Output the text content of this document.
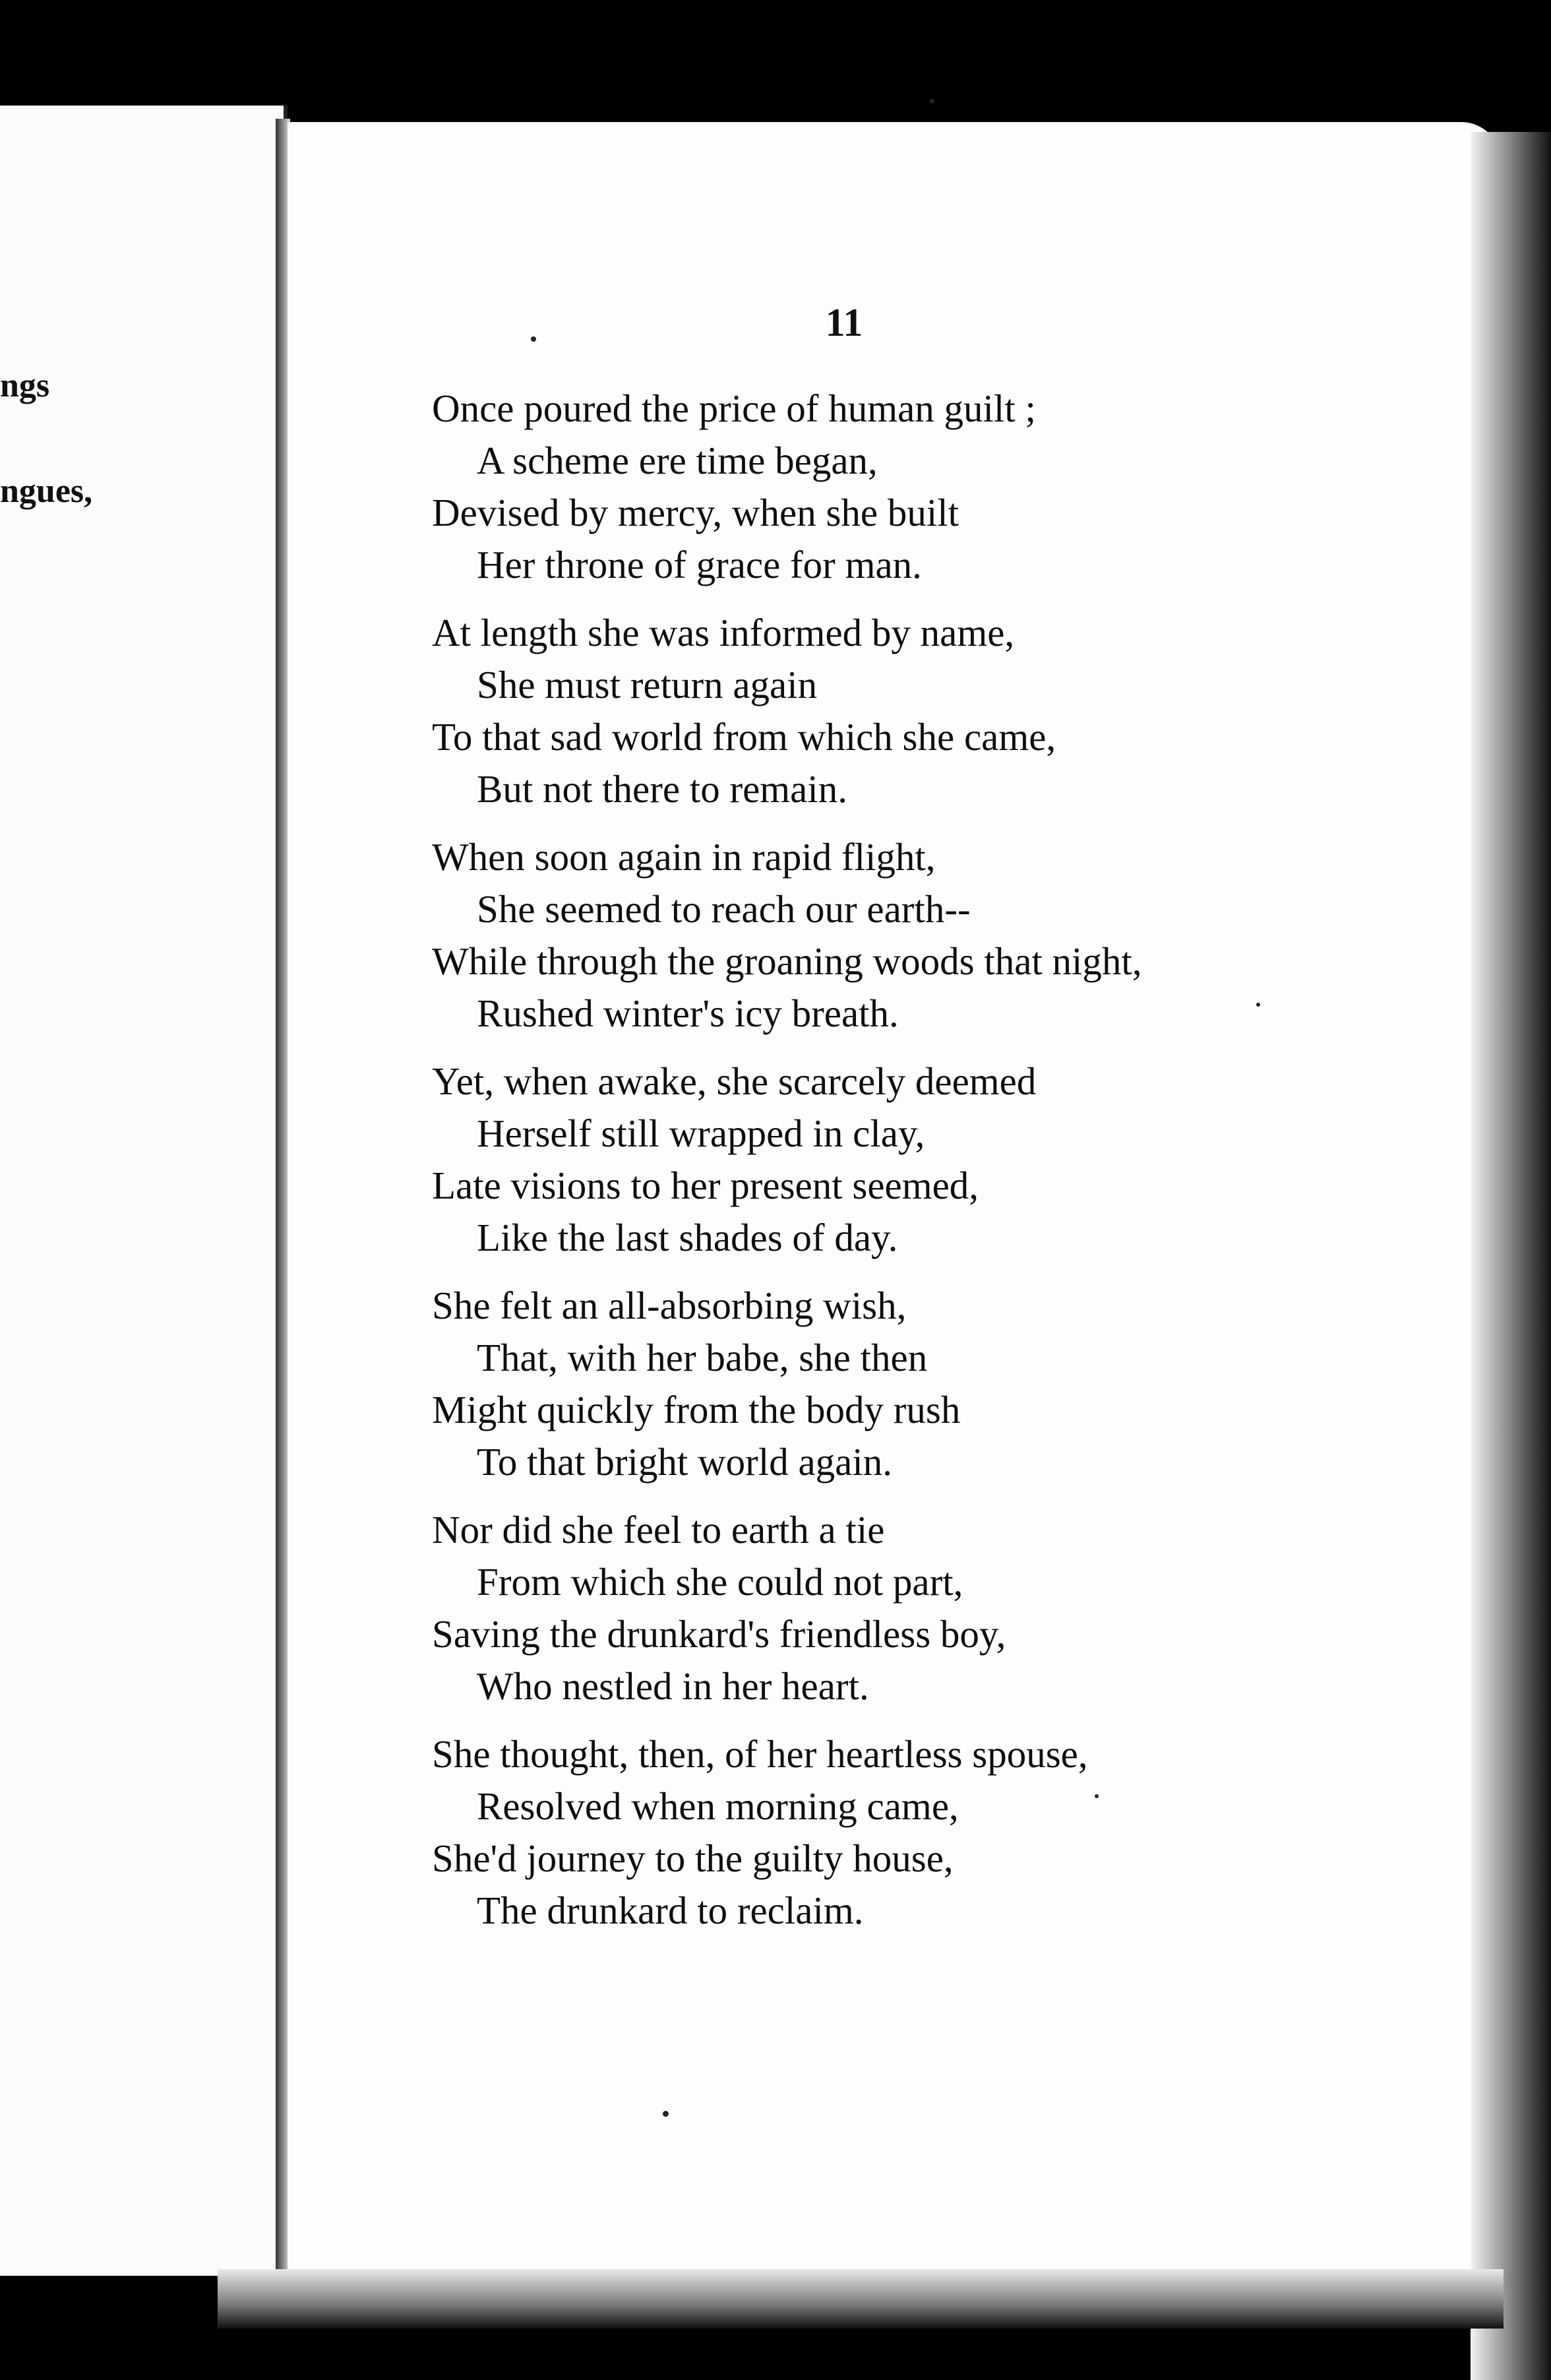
ngs
ngues,
11
Once poured the price of human guilt ;
A scheme ere time began,
Devised by mercy, when she built
Her throne of grace for man.
At length she was informed by name,
She must return again
To that sad world from which she came,
But not there to remain.
When soon again in rapid flight,
She seemed to reach our earth--
While through the groaning woods that night,
Rushed winter's icy breath.
Yet, when awake, she scarcely deemed
Herself still wrapped in clay,
Late visions to her present seemed,
Like the last shades of day.
She felt an all-absorbing wish,
That, with her babe, she then
Might quickly from the body rush
To that bright world again.
Nor did she feel to earth a tie
From which she could not part,
Saving the drunkard's friendless boy,
Who nestled in her heart.
She thought, then, of her heartless spouse,
Resolved when morning came,
She'd journey to the guilty house,
The drunkard to reclaim.
